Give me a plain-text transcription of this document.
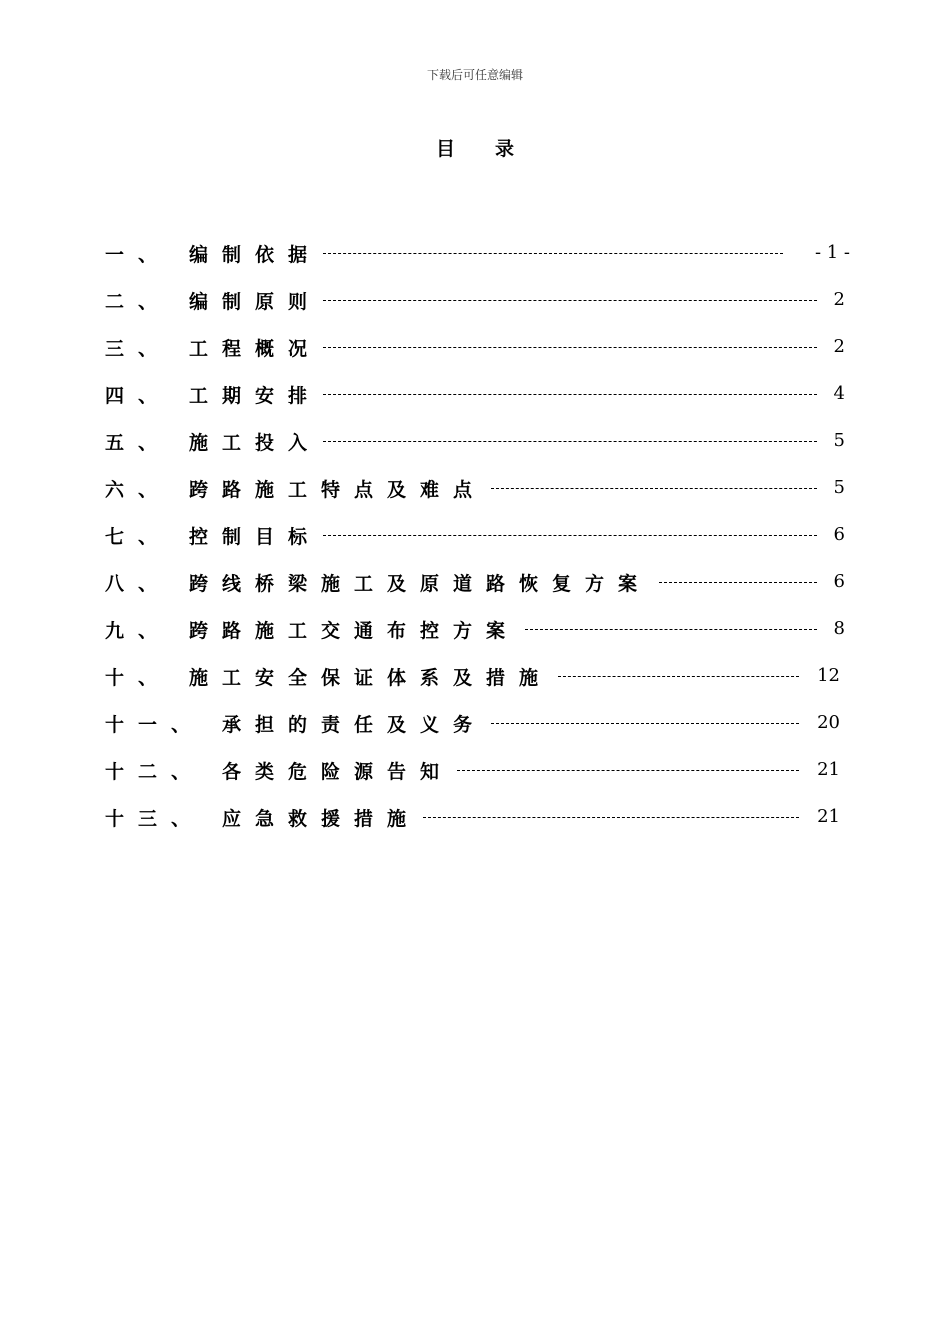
下载后可任意编辑
目录
一、 编制依据	- 1 -
二、 编制原则	2
三、 工程概况	2
四、 工期安排	4
五、 施工投入	5
六、 跨路施工特点及难点	5
七、 控制目标	6
八、 跨线桥梁施工及原道路恢复方案	6
九、 跨路施工交通布控方案	8
十、 施工安全保证体系及措施	12
十一、 承担的责任及义务	20
十二、 各类危险源告知	21
十三、 应急救援措施	21
